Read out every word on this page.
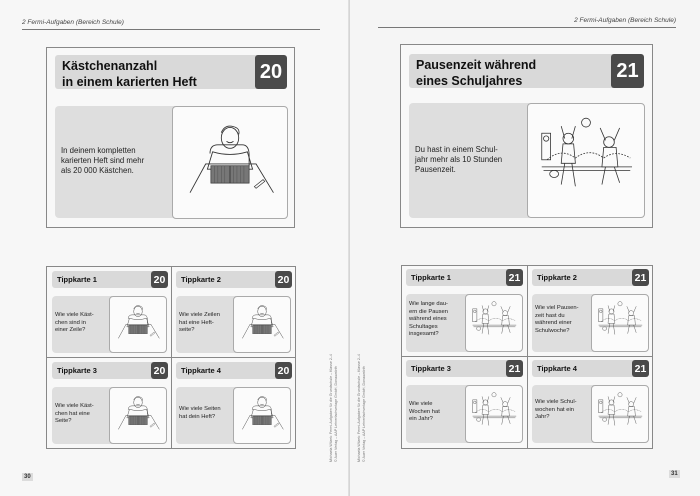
2 Fermi-Aufgaben (Bereich Schule)
Kästchenanzahl
in einem karierten Heft	20
In deinem kompletten
karierten Heft sind mehr
als 20 000 Kästchen.
Tippkarte 1	20
Wie viele Käst-
chen sind in
einer Zeile?
Tippkarte 2	20
Wie viele Zeilen
hat eine Heft-
seite?
Tippkarte 3	20
Wie viele Käst-
chen hat eine
Seite?
Tippkarte 4	20
Wie viele Seiten
hat dein Heft?	Michaela Wilzek: Fermi-Aufgaben für die Grundschule – Klasse 2–4 © Auer Verlag – AAP Lehrerfachverlage GmbH, Donauwörth
30
2 Fermi-Aufgaben (Bereich Schule)
Pausenzeit während
eines Schuljahres	21
Du hast in einem Schul-
jahr mehr als 10 Stunden
Pausenzeit.
Tippkarte 1	21
Wie lange dau-
ern die Pausen
während eines
Schultages
insgesamt?
Tippkarte 2	21
Wie viel Pausen-
zeit hast du
während einer
Schulwoche?
Tippkarte 3	21
Wie viele
Wochen hat
ein Jahr?
Tippkarte 4	21
Wie viele Schul-
wochen hat ein
Jahr?
Michaela Wilzek: Fermi-Aufgaben für die Grundschule – Klasse 2–4 © Auer Verlag – AAP Lehrerfachverlage GmbH, Donauwörth
31
